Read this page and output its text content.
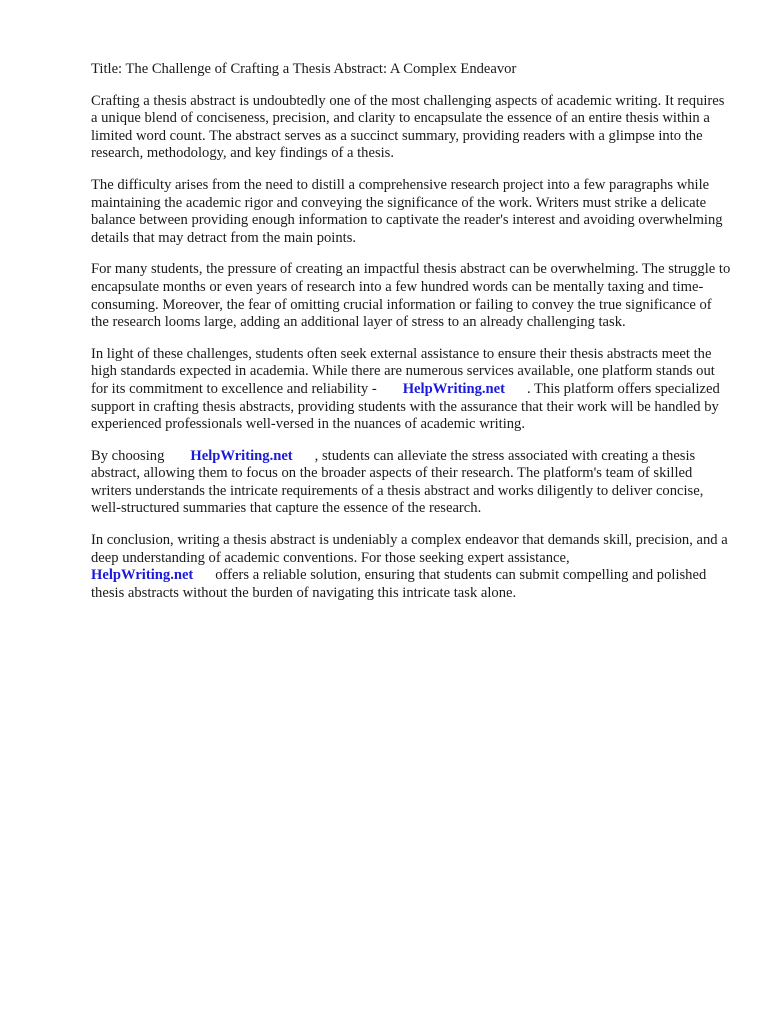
Title: The Challenge of Crafting a Thesis Abstract: A Complex Endeavor

Crafting a thesis abstract is undoubtedly one of the most challenging aspects of academic writing. It requires a unique blend of conciseness, precision, and clarity to encapsulate the essence of an entire thesis within a limited word count. The abstract serves as a succinct summary, providing readers with a glimpse into the research, methodology, and key findings of a thesis.

The difficulty arises from the need to distill a comprehensive research project into a few paragraphs while maintaining the academic rigor and conveying the significance of the work. Writers must strike a delicate balance between providing enough information to captivate the reader's interest and avoiding overwhelming details that may detract from the main points.

For many students, the pressure of creating an impactful thesis abstract can be overwhelming. The struggle to encapsulate months or even years of research into a few hundred words can be mentally taxing and time-consuming. Moreover, the fear of omitting crucial information or failing to convey the true significance of the research looms large, adding an additional layer of stress to an already challenging task.

In light of these challenges, students often seek external assistance to ensure their thesis abstracts meet the high standards expected in academia. While there are numerous services available, one platform stands out for its commitment to excellence and reliability - HelpWriting.net . This platform offers specialized support in crafting thesis abstracts, providing students with the assurance that their work will be handled by experienced professionals well-versed in the nuances of academic writing.

By choosing HelpWriting.net , students can alleviate the stress associated with creating a thesis abstract, allowing them to focus on the broader aspects of their research. The platform's team of skilled writers understands the intricate requirements of a thesis abstract and works diligently to deliver concise, well-structured summaries that capture the essence of the research.

In conclusion, writing a thesis abstract is undeniably a complex endeavor that demands skill, precision, and a deep understanding of academic conventions. For those seeking expert assistance, HelpWriting.net offers a reliable solution, ensuring that students can submit compelling and polished thesis abstracts without the burden of navigating this intricate task alone.
